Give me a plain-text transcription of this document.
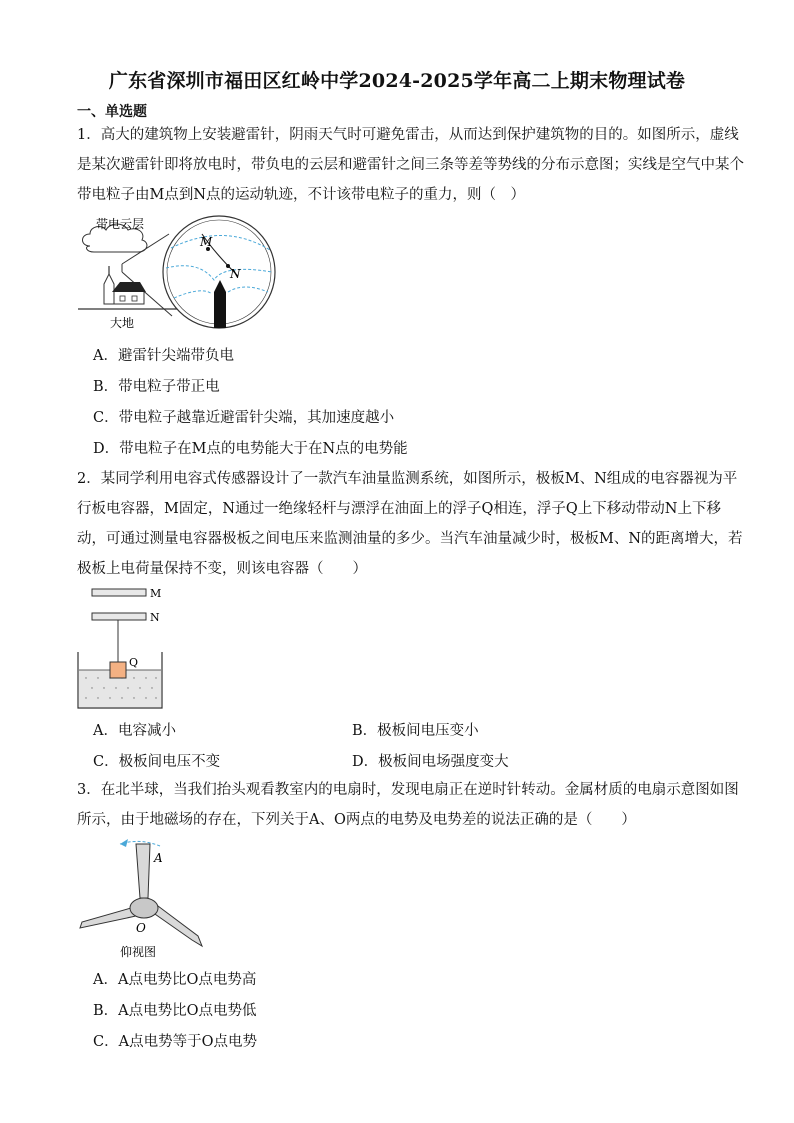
广东省深圳市福田区红岭中学2024-2025学年高二上期末物理试卷
一、单选题
1．高大的建筑物上安装避雷针，阴雨天气时可避免雷击，从而达到保护建筑物的目的。如图所示，虚线
是某次避雷针即将放电时，带负电的云层和避雷针之间三条等差等势线的分布示意图；实线是空气中某个
带电粒子由M点到N点的运动轨迹，不计该带电粒子的重力，则（　）
带电云层
大地
M
N
A．避雷针尖端带负电
B．带电粒子带正电
C．带电粒子越靠近避雷针尖端，其加速度越小
D．带电粒子在M点的电势能大于在N点的电势能
2．某同学利用电容式传感器设计了一款汽车油量监测系统，如图所示，极板M、N组成的电容器视为平
行板电容器，M固定，N通过一绝缘轻杆与漂浮在油面上的浮子Q相连，浮子Q上下移动带动N上下移
动，可通过测量电容器极板之间电压来监测油量的多少。当汽车油量减少时，极板M、N的距离增大，若
极板上电荷量保持不变，则该电容器（　　）
M
N
Q
A．电容减小	B．极板间电压变小
C．极板间电压不变	D．极板间电场强度变大
3．在北半球，当我们抬头观看教室内的电扇时，发现电扇正在逆时针转动。金属材质的电扇示意图如图
所示，由于地磁场的存在，下列关于A、O两点的电势及电势差的说法正确的是（　　）
A
O
仰视图
A．A点电势比O点电势高
B．A点电势比O点电势低
C．A点电势等于O点电势
